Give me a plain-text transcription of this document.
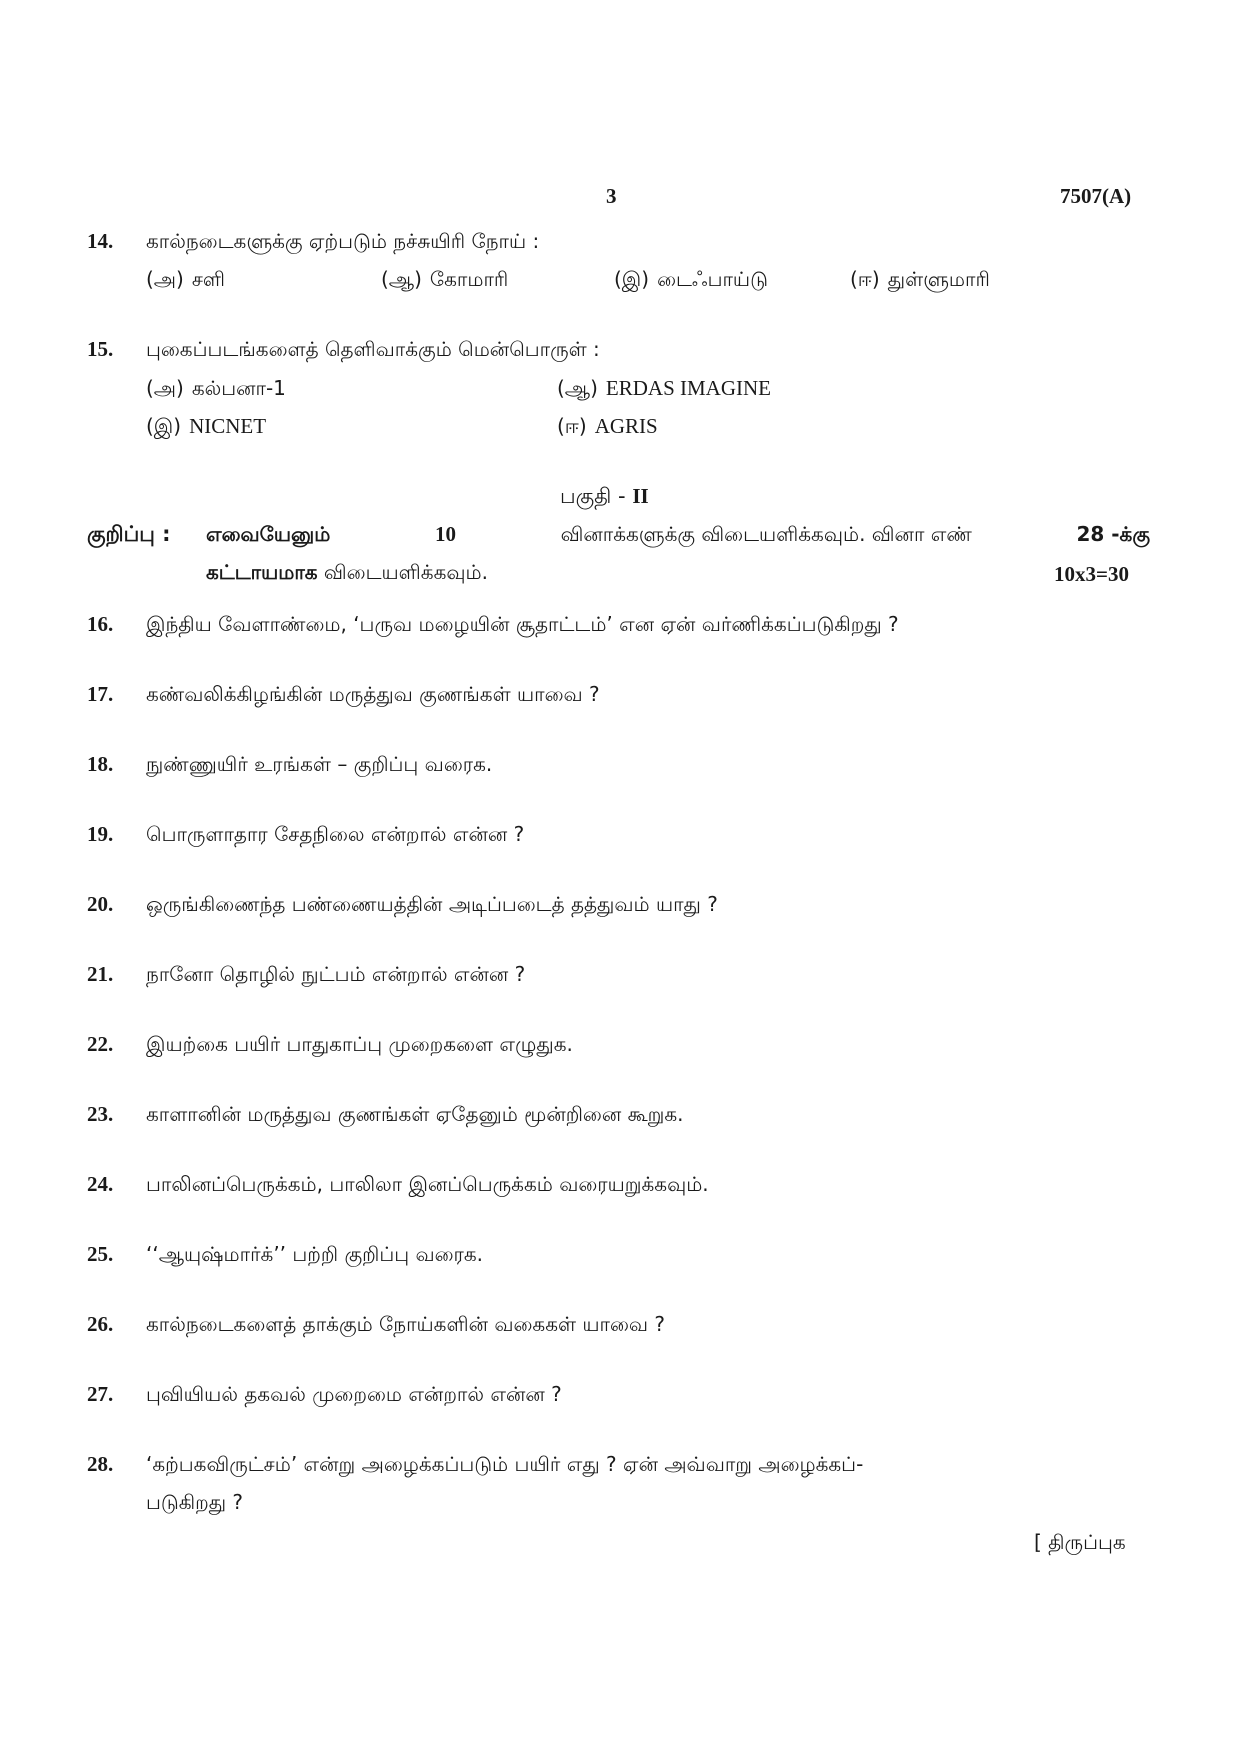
3	7507(A)
14.	கால்நடைகளுக்கு ஏற்படும் நச்சுயிரி நோய் :
(அ) சளி	(ஆ) கோமாரி	(இ) டைஃபாய்டு	(ஈ) துள்ளுமாரி
15.	புகைப்படங்களைத் தெளிவாக்கும் மென்பொருள் :
(அ) கல்பனா-1	(ஆ) ERDAS IMAGINE
(இ) NICNET	(ஈ) AGRIS
பகுதி - II
குறிப்பு : எவையேனும்	10	வினாக்களுக்கு விடையளிக்கவும். வினா எண்	28 -க்கு
கட்டாயமாக விடையளிக்கவும்.	10x3=30
16.	இந்திய வேளாண்மை, ‘பருவ மழையின் சூதாட்டம்’ என ஏன் வர்ணிக்கப்படுகிறது ?
17.	கண்வலிக்கிழங்கின் மருத்துவ குணங்கள் யாவை ?
18.	நுண்ணுயிர் உரங்கள் – குறிப்பு வரைக.
19.	பொருளாதார சேதநிலை என்றால் என்ன ?
20.	ஒருங்கிணைந்த பண்ணையத்தின் அடிப்படைத் தத்துவம் யாது ?
21.	நானோ தொழில் நுட்பம் என்றால் என்ன ?
22.	இயற்கை பயிர் பாதுகாப்பு முறைகளை எழுதுக.
23.	காளானின் மருத்துவ குணங்கள் ஏதேனும் மூன்றினை கூறுக.
24.	பாலினப்பெருக்கம், பாலிலா இனப்பெருக்கம் வரையறுக்கவும்.
25.	‘‘ஆயுஷ்மார்க்’’ பற்றி குறிப்பு வரைக.
26.	கால்நடைகளைத் தாக்கும் நோய்களின் வகைகள் யாவை ?
27.	புவியியல் தகவல் முறைமை என்றால் என்ன ?
28.	‘கற்பகவிருட்சம்’ என்று அழைக்கப்படும் பயிர் எது ? ஏன் அவ்வாறு அழைக்கப்-
படுகிறது ?
[ திருப்புக
